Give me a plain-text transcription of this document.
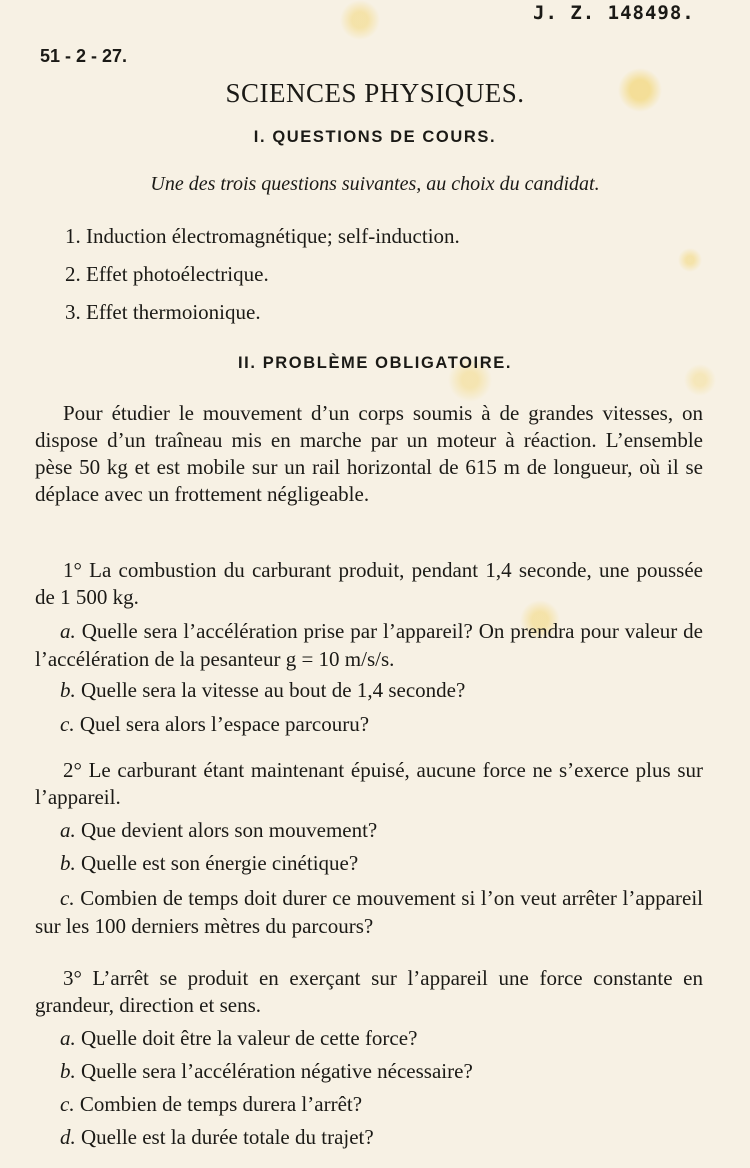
J. Z. 148498.
51 - 2 - 27.
SCIENCES PHYSIQUES.
I. QUESTIONS DE COURS.
Une des trois questions suivantes, au choix du candidat.
1. Induction électromagnétique; self-induction.
2. Effet photoélectrique.
3. Effet thermoionique.
II. PROBLÈME OBLIGATOIRE.
Pour étudier le mouvement d’un corps soumis à de grandes vitesses, on dispose d’un traîneau mis en marche par un moteur à réaction. L’ensemble pèse 50 kg et est mobile sur un rail horizontal de 615 m de longueur, où il se déplace avec un frottement négligeable.
1° La combustion du carburant produit, pendant 1,4 seconde, une poussée de 1 500 kg.
a. Quelle sera l’accélération prise par l’appareil? On prendra pour valeur de l’accélération de la pesanteur g = 10 m/s/s.
b. Quelle sera la vitesse au bout de 1,4 seconde?
c. Quel sera alors l’espace parcouru?
2° Le carburant étant maintenant épuisé, aucune force ne s’exerce plus sur l’appareil.
a. Que devient alors son mouvement?
b. Quelle est son énergie cinétique?
c. Combien de temps doit durer ce mouvement si l’on veut arrêter l’appareil sur les 100 derniers mètres du parcours?
3° L’arrêt se produit en exerçant sur l’appareil une force constante en grandeur, direction et sens.
a. Quelle doit être la valeur de cette force?
b. Quelle sera l’accélération négative nécessaire?
c. Combien de temps durera l’arrêt?
d. Quelle est la durée totale du trajet?
